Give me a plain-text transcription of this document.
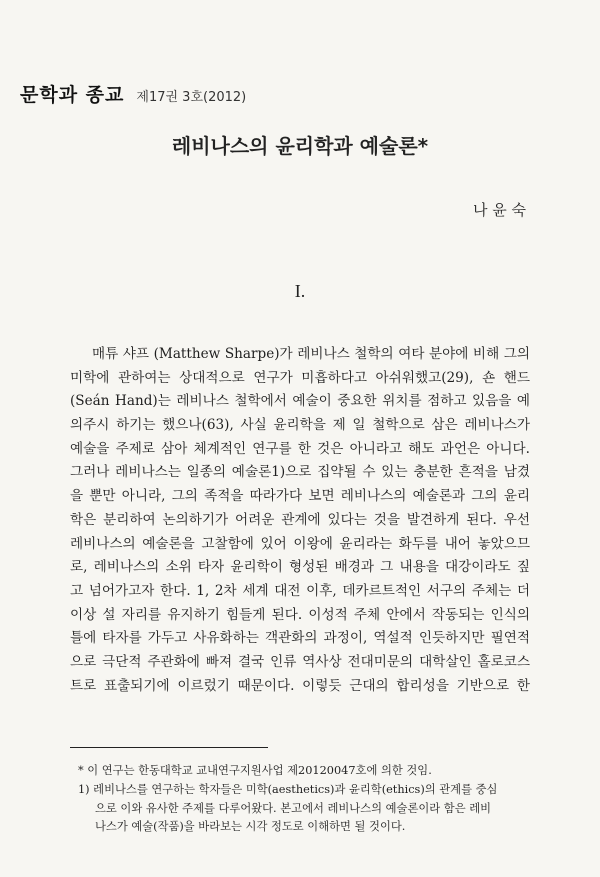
문학과 종교 제17권 3호(2012)
레비나스의 윤리학과 예술론*
나 윤 숙
I.
매튜 샤프 (Matthew Sharpe)가 레비나스 철학의 여타 분야에 비해 그의
미학에 관하여는 상대적으로 연구가 미흡하다고 아쉬워했고(29), 숀 핸드
(Seán Hand)는 레비나스 철학에서 예술이 중요한 위치를 점하고 있음을 예
의주시 하기는 했으나(63), 사실 윤리학을 제 일 철학으로 삼은 레비나스가
예술을 주제로 삼아 체계적인 연구를 한 것은 아니라고 해도 과언은 아니다.
그러나 레비나스는 일종의 예술론1)으로 집약될 수 있는 충분한 흔적을 남겼
을 뿐만 아니라, 그의 족적을 따라가다 보면 레비나스의 예술론과 그의 윤리
학은 분리하여 논의하기가 어려운 관계에 있다는 것을 발견하게 된다. 우선
레비나스의 예술론을 고찰함에 있어 이왕에 윤리라는 화두를 내어 놓았으므
로, 레비나스의 소위 타자 윤리학이 형성된 배경과 그 내용을 대강이라도 짚
고 넘어가고자 한다. 1, 2차 세계 대전 이후, 데카르트적인 서구의 주체는 더
이상 설 자리를 유지하기 힘들게 된다. 이성적 주체 안에서 작동되는 인식의
틀에 타자를 가두고 사유화하는 객관화의 과정이, 역설적 인듯하지만 필연적
으로 극단적 주관화에 빠져 결국 인류 역사상 전대미문의 대학살인 홀로코스
트로 표출되기에 이르렀기 때문이다. 이렇듯 근대의 합리성을 기반으로 한
* 이 연구는 한동대학교 교내연구지원사업 제20120047호에 의한 것임.
1) 레비나스를 연구하는 학자들은 미학(aesthetics)과 윤리학(ethics)의 관계를 중심
으로 이와 유사한 주제를 다루어왔다. 본고에서 레비나스의 예술론이라 함은 레비
나스가 예술(작품)을 바라보는 시각 정도로 이해하면 될 것이다.
